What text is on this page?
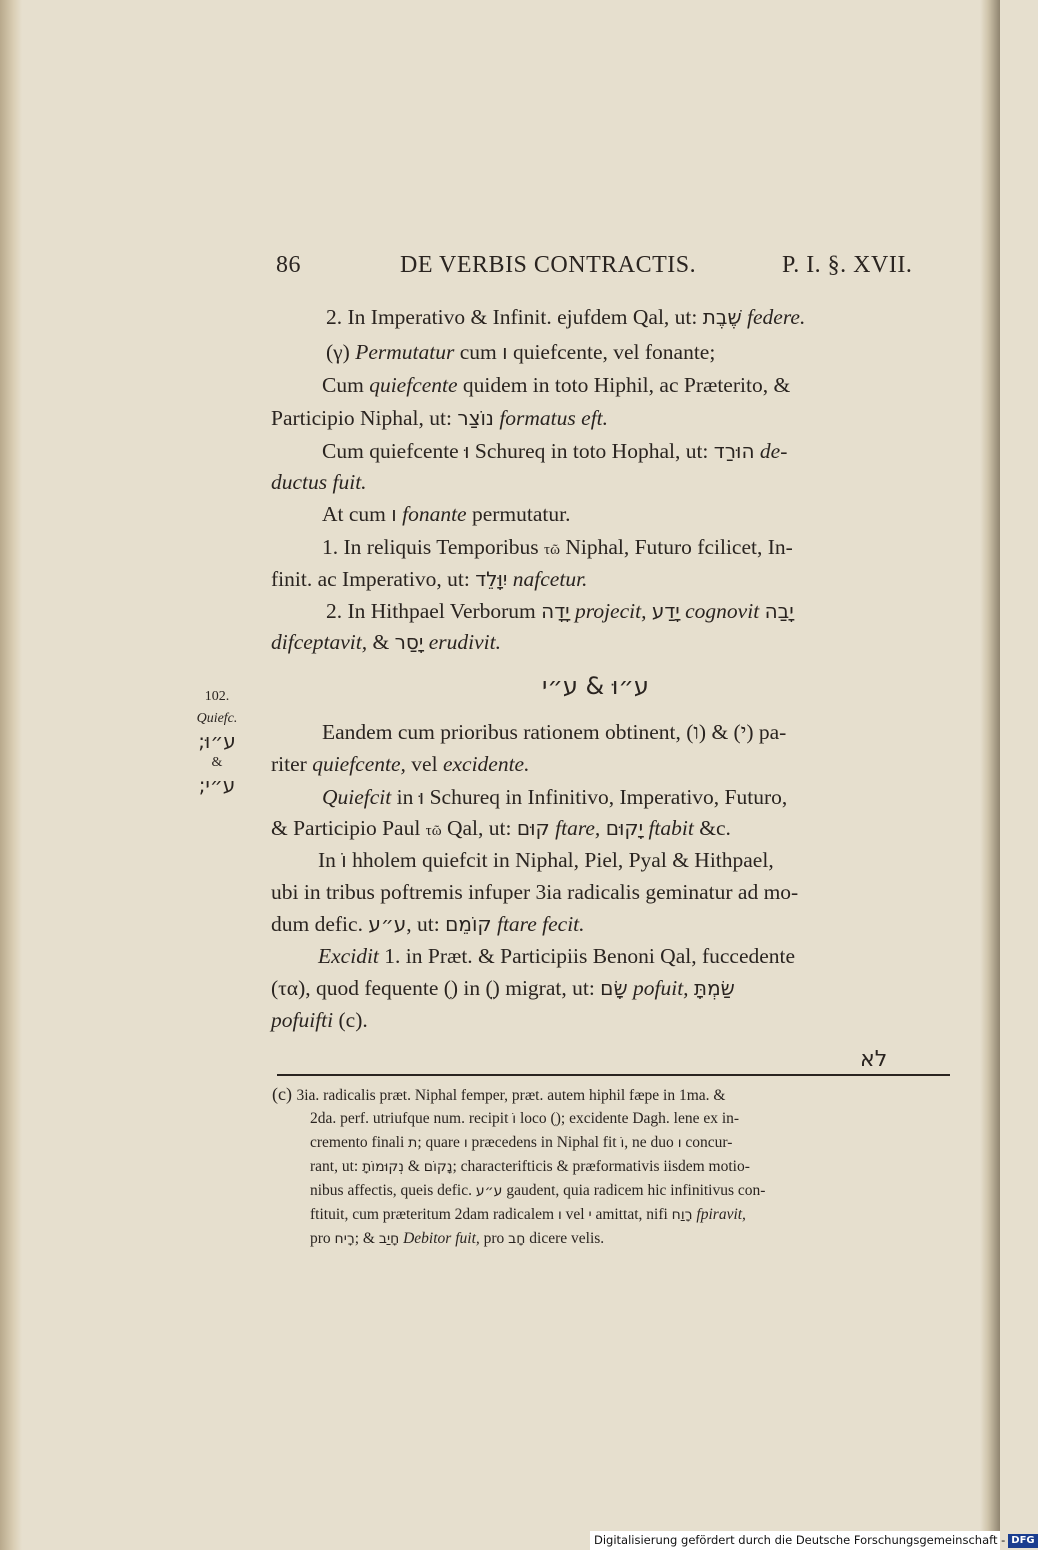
86	DE VERBIS CONTRACTIS.	P. I. §. XVII.
102.
Quiefc.
ע״וּ;
&
ע״י;
2. In Imperativo & Infinit. ejufdem Qal, ut: שֶׁבֶת federe.
(γ) Permutatur cum ו quiefcente, vel fonante;
Cum quiefcente quidem in toto Hiphil, ac Præterito, &
Participio Niphal, ut: נוֹצַר formatus eft.
Cum quiefcente וּ Schureq in toto Hophal, ut: הוּרַד de-
ductus fuit.
At cum ו fonante permutatur.
1. In reliquis Temporibus τῶ Niphal, Futuro fcilicet, In-
finit. ac Imperativo, ut: יִוָּלֵד nafcetur.
2. In Hithpael Verborum יָדָה projecit, יָדַע cognovit יָבַה
difceptavit, & יָסַר erudivit.
ע״וּ & ע״י
Eandem cum prioribus rationem obtinent, (ו) & (י) pa-
riter quiefcente, vel excidente.
Quiefcit in וּ Schureq in Infinitivo, Imperativo, Futuro,
& Participio Paul τῶ Qal, ut: קוּם ftare, יָקוּם ftabit &c.
In וֹ hholem quiefcit in Niphal, Piel, Pyal & Hithpael,
ubi in tribus poftremis infuper 3ia radicalis geminatur ad mo-
dum defic. ע״ע, ut: קוֹמֵם ftare fecit.
Excidit 1. in Præt. & Participiis Benoni Qal, fuccedente
(τα), quod fequente (ִ) in (ֵ) migrat, ut: שָׂם pofuit, שַׂמְתָּ
pofuifti (c).
לא
(c) 3ia. radicalis præt. Niphal femper, præt. autem hiphil fæpe in 1ma. &
2da. perf. utriufque num. recipit וֹ loco (ִ); excidente Dagh. lene ex in-
cremento finali ת; quare ו præcedens in Niphal fit וֹ, ne duo ו concur-
rant, ut: נְקוּמוֹתָ & נָקוֹם; characterifticis & præformativis iisdem motio-
nibus affectis, queis defic. ע״ע gaudent, quia radicem hic infinitivus con-
ftituit, cum præteritum 2dam radicalem ו vel י amittat, nifi רָוַח fpiravit,
pro רָיח; & חָיַב Debitor fuit, pro חָב dicere velis.
Digitalisierung gefördert durch die Deutsche Forschungsgemeinschaft - DFG
